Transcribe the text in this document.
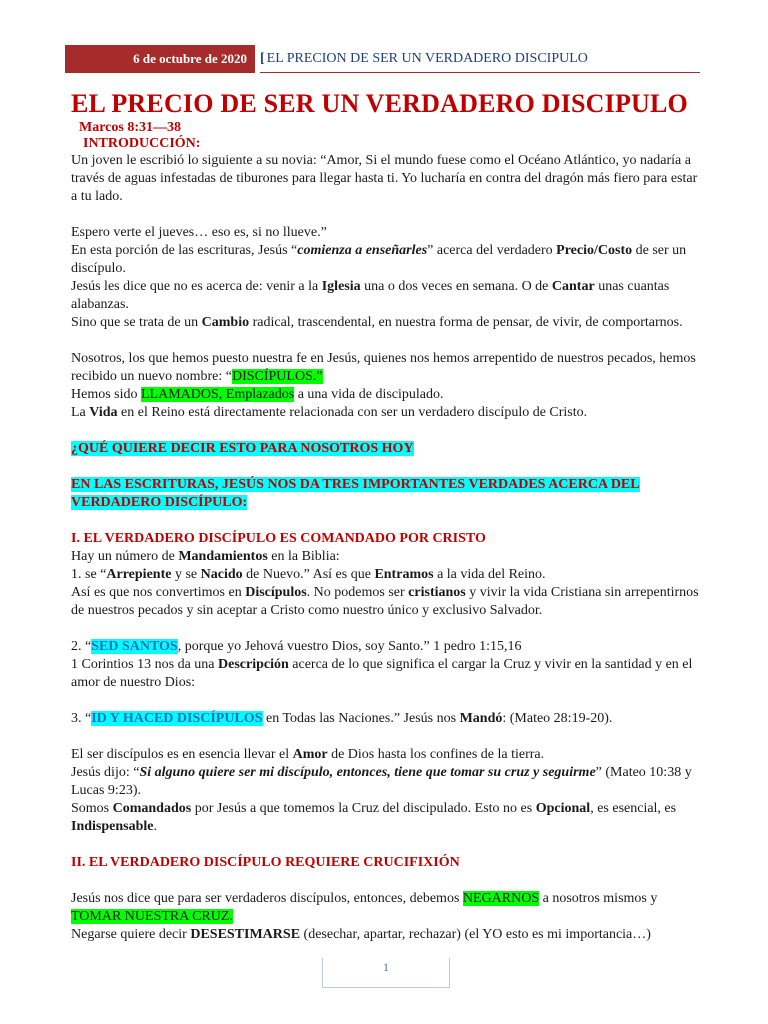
6 de octubre de 2020 [ EL PRECION DE SER UN VERDADERO DISCIPULO
EL PRECIO DE SER UN VERDADERO DISCIPULO
Marcos 8:31—38
INTRODUCCIÓN:

Un joven le escribió lo siguiente a su novia: “Amor, Si el mundo fuese como el Océano Atlántico, yo nadaría a través de aguas infestadas de tiburones para llegar hasta ti. Yo lucharía en contra del dragón más fiero para estar a tu lado.

Espero verte el jueves… eso es, si no llueve.”

En esta porción de las escrituras, Jesús “comienza a enseñarles” acerca del verdadero Precio/Costo de ser un discípulo.

Jesús les dice que no es acerca de: venir a la Iglesia una o dos veces en semana. O de Cantar unas cuantas alabanzas.

Sino que se trata de un Cambio radical, trascendental, en nuestra forma de pensar, de vivir, de comportarnos.

Nosotros, los que hemos puesto nuestra fe en Jesús, quienes nos hemos arrepentido de nuestros pecados, hemos recibido un nuevo nombre: “DISCÍPULOS.”

Hemos sido LLAMADOS, Emplazados a una vida de discipulado.

La Vida en el Reino está directamente relacionada con ser un verdadero discípulo de Cristo.

¿QUÉ QUIERE DECIR ESTO PARA NOSOTROS HOY

EN LAS ESCRITURAS, JESÚS NOS DA TRES IMPORTANTES VERDADES ACERCA DEL VERDADERO DISCÍPULO:

I. EL VERDADERO DISCÍPULO ES COMANDADO POR CRISTO

Hay un número de Mandamientos en la Biblia:

1. se “Arrepiente y se Nacido de Nuevo.” Así es que Entramos a la vida del Reino.

Así es que nos convertimos en Discípulos. No podemos ser cristianos y vivir la vida Cristiana sin arrepentirnos de nuestros pecados y sin aceptar a Cristo como nuestro único y exclusivo Salvador.

2. “SED SANTOS, porque yo Jehová vuestro Dios, soy Santo.” 1 pedro 1:15,16

1 Corintios 13 nos da una Descripción acerca de lo que significa el cargar la Cruz y vivir en la santidad y en el amor de nuestro Dios:

3. “ID Y HACED DISCÍPULOS en Todas las Naciones.” Jesús nos Mandó: (Mateo 28:19-20).

El ser discípulos es en esencia llevar el Amor de Dios hasta los confines de la tierra.

Jesús dijo: “Si alguno quiere ser mi discípulo, entonces, tiene que tomar su cruz y seguirme” (Mateo 10:38 y Lucas 9:23).

Somos Comandados por Jesús a que tomemos la Cruz del discipulado. Esto no es Opcional, es esencial, es Indispensable.

II. EL VERDADERO DISCÍPULO REQUIERE CRUCIFIXIÓN

Jesús nos dice que para ser verdaderos discípulos, entonces, debemos NEGARNOS a nosotros mismos y TOMAR NUESTRA CRUZ.

Negarse quiere decir DESESTIMARSE (desechar, apartar, rechazar) (el YO esto es mi importancia…)

1
